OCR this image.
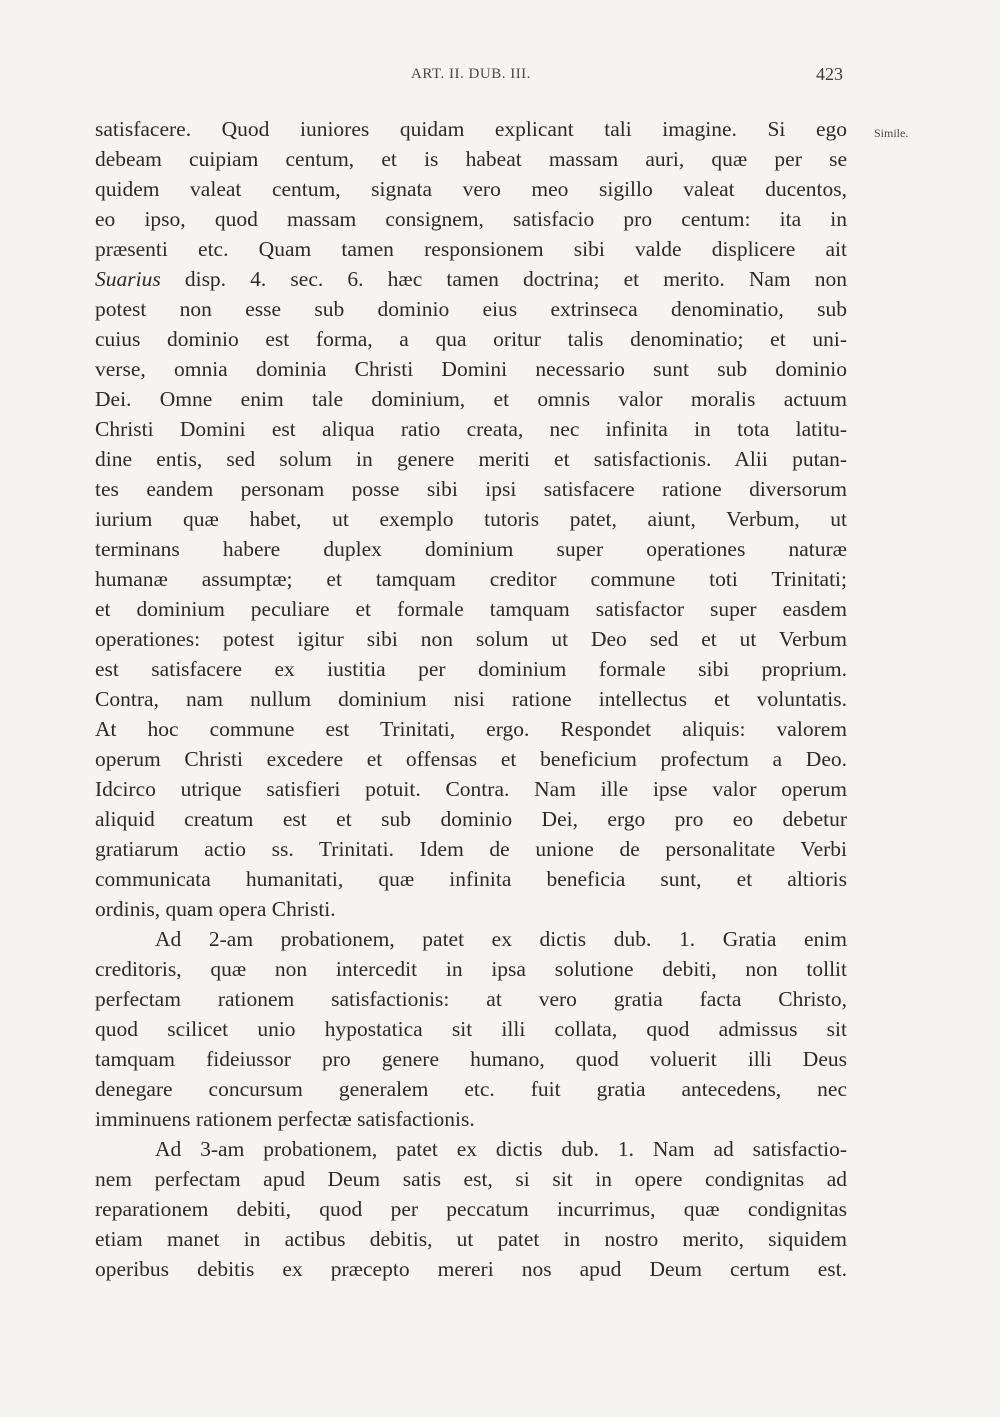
ART. II. DUB. III.	423
Simile.
satisfacere. Quod iuniores quidam explicant tali imagine. Si ego
debeam cuipiam centum, et is habeat massam auri, quæ per se
quidem valeat centum, signata vero meo sigillo valeat ducentos,
eo ipso, quod massam consignem, satisfacio pro centum: ita in
præsenti etc. Quam tamen responsionem sibi valde displicere ait
Suarius disp. 4. sec. 6. hæc tamen doctrina; et merito. Nam non
potest non esse sub dominio eius extrinseca denominatio, sub
cuius dominio est forma, a qua oritur talis denominatio; et uni-
verse, omnia dominia Christi Domini necessario sunt sub dominio
Dei. Omne enim tale dominium, et omnis valor moralis actuum
Christi Domini est aliqua ratio creata, nec infinita in tota latitu-
dine entis, sed solum in genere meriti et satisfactionis. Alii putan-
tes eandem personam posse sibi ipsi satisfacere ratione diversorum
iurium quæ habet, ut exemplo tutoris patet, aiunt, Verbum, ut
terminans habere duplex dominium super operationes naturæ
humanæ assumptæ; et tamquam creditor commune toti Trinitati;
et dominium peculiare et formale tamquam satisfactor super easdem
operationes: potest igitur sibi non solum ut Deo sed et ut Verbum
est satisfacere ex iustitia per dominium formale sibi proprium.
Contra, nam nullum dominium nisi ratione intellectus et voluntatis.
At hoc commune est Trinitati, ergo. Respondet aliquis: valorem
operum Christi excedere et offensas et beneficium profectum a Deo.
Idcirco utrique satisfieri potuit. Contra. Nam ille ipse valor operum
aliquid creatum est et sub dominio Dei, ergo pro eo debetur
gratiarum actio ss. Trinitati. Idem de unione de personalitate Verbi
communicata humanitati, quæ infinita beneficia sunt, et altioris
ordinis, quam opera Christi.
Ad 2-am probationem, patet ex dictis dub. 1. Gratia enim
creditoris, quæ non intercedit in ipsa solutione debiti, non tollit
perfectam rationem satisfactionis: at vero gratia facta Christo,
quod scilicet unio hypostatica sit illi collata, quod admissus sit
tamquam fideiussor pro genere humano, quod voluerit illi Deus
denegare concursum generalem etc. fuit gratia antecedens, nec
imminuens rationem perfectæ satisfactionis.
Ad 3-am probationem, patet ex dictis dub. 1. Nam ad satisfactio-
nem perfectam apud Deum satis est, si sit in opere condignitas ad
reparationem debiti, quod per peccatum incurrimus, quæ condignitas
etiam manet in actibus debitis, ut patet in nostro merito, siquidem
operibus debitis ex præcepto mereri nos apud Deum certum est.
